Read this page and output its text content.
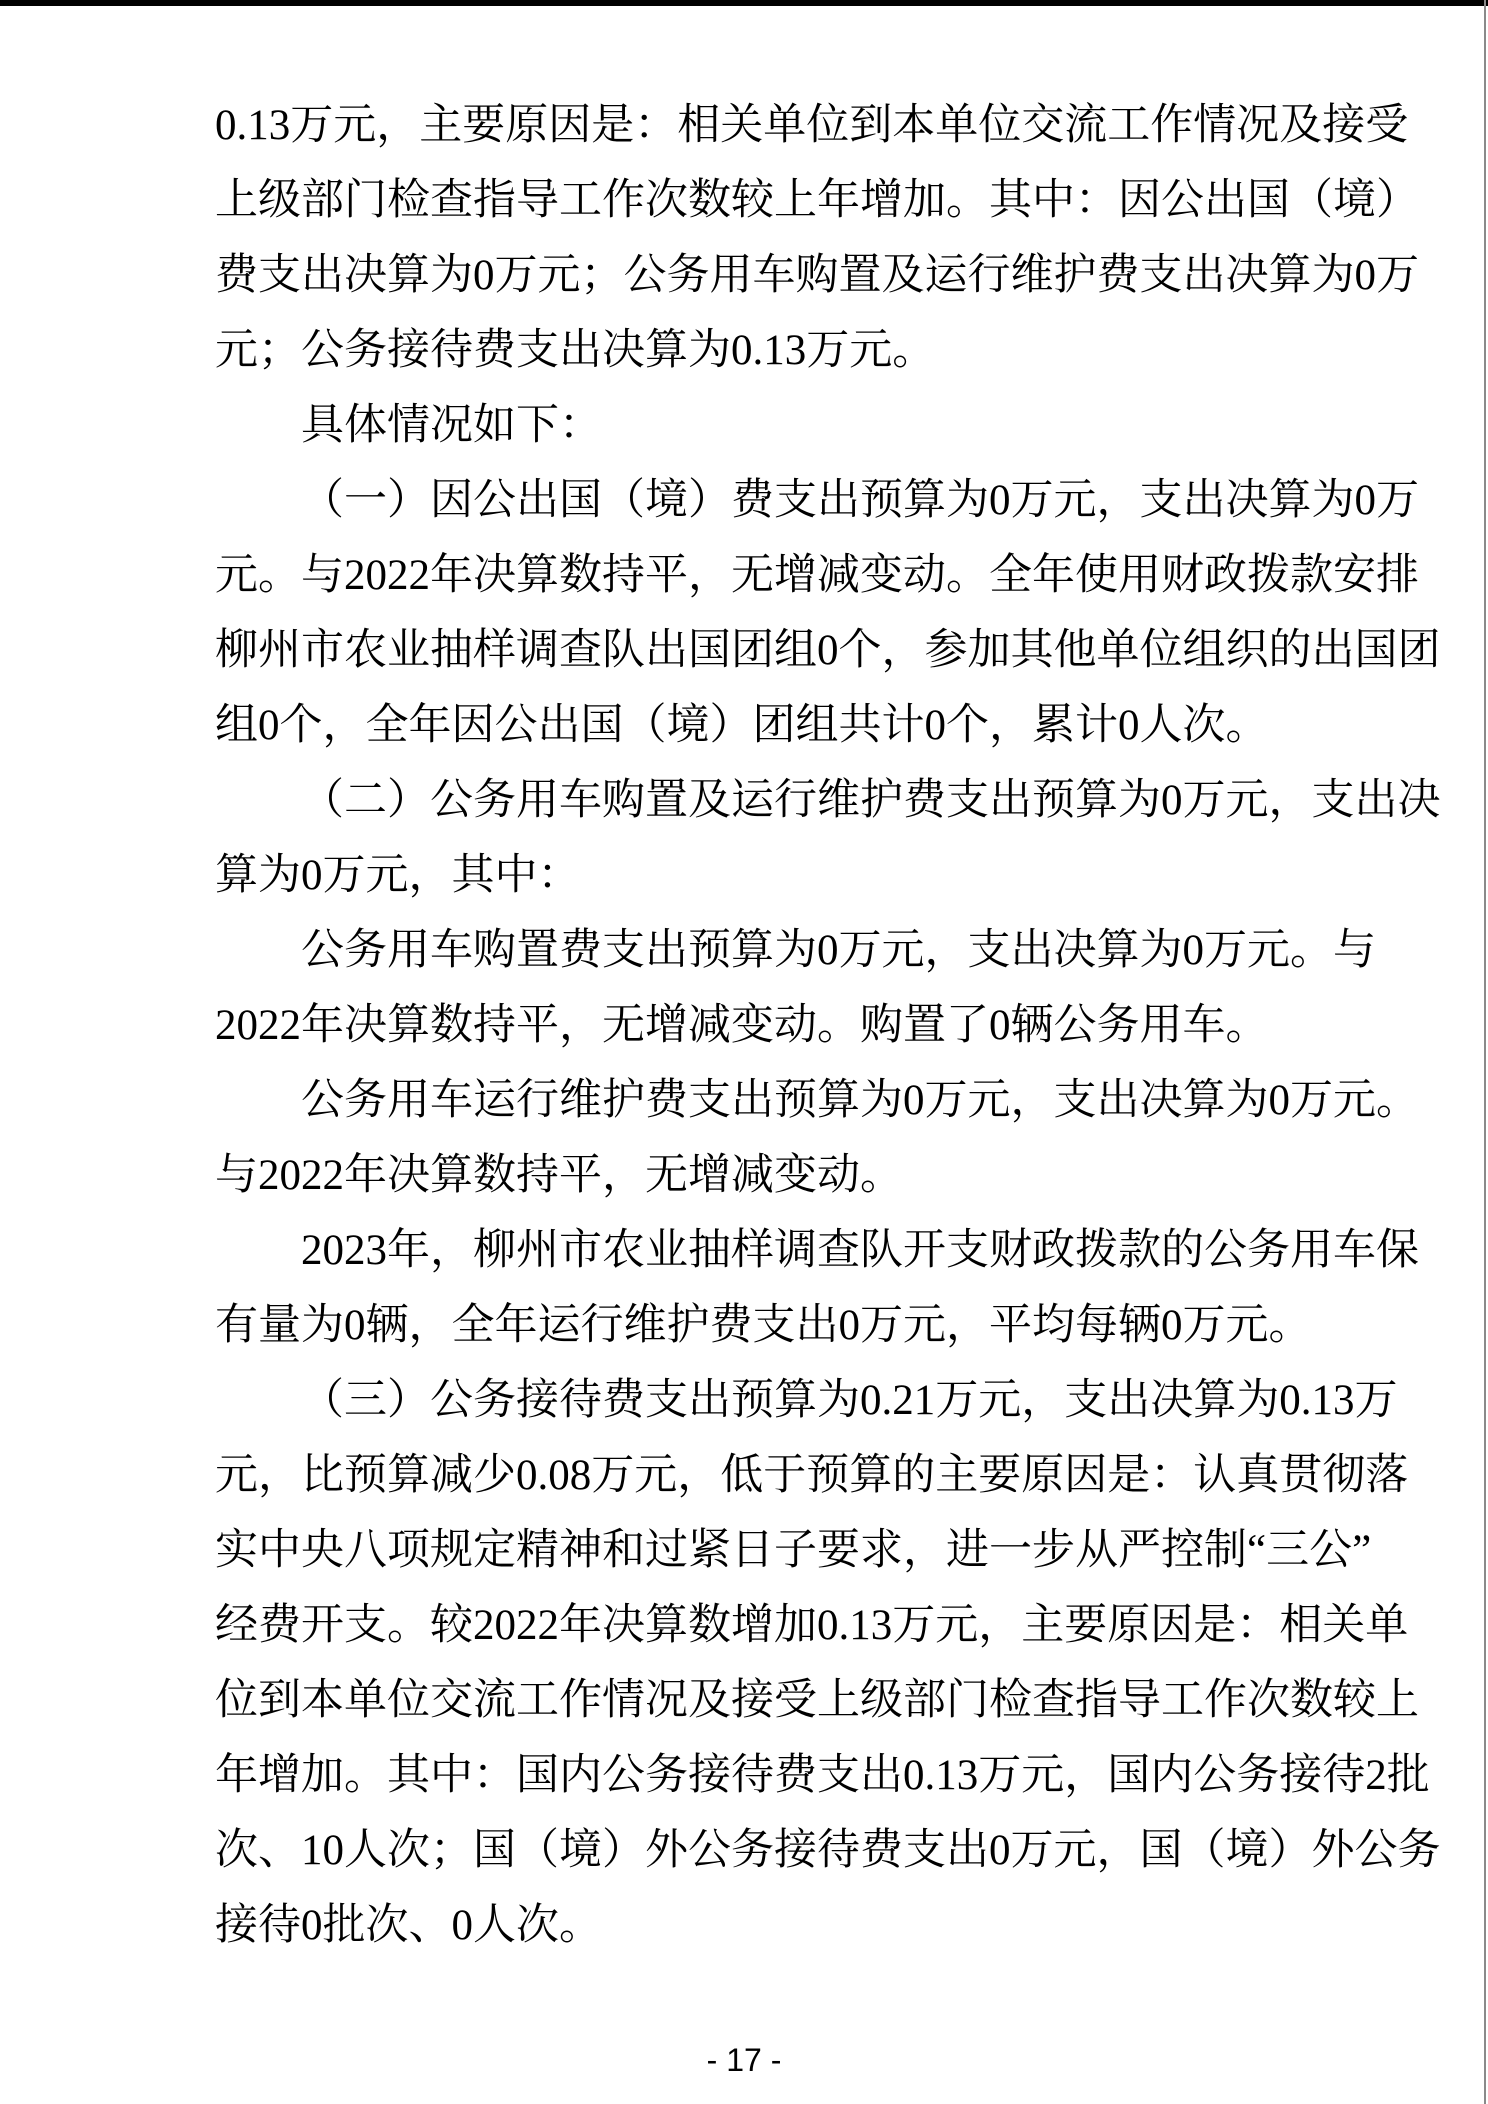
0.13万元，主要原因是：相关单位到本单位交流工作情况及接受
上级部门检查指导工作次数较上年增加。其中：因公出国（境）
费支出决算为0万元；公务用车购置及运行维护费支出决算为0万
元；公务接待费支出决算为0.13万元。
具体情况如下：
（一）因公出国（境）费支出预算为0万元，支出决算为0万
元。与2022年决算数持平，无增减变动。全年使用财政拨款安排
柳州市农业抽样调查队出国团组0个，参加其他单位组织的出国团
组0个，全年因公出国（境）团组共计0个，累计0人次。
（二）公务用车购置及运行维护费支出预算为0万元，支出决
算为0万元，其中：
公务用车购置费支出预算为0万元，支出决算为0万元。与
2022年决算数持平，无增减变动。购置了0辆公务用车。
公务用车运行维护费支出预算为0万元，支出决算为0万元。
与2022年决算数持平，无增减变动。
2023年，柳州市农业抽样调查队开支财政拨款的公务用车保
有量为0辆，全年运行维护费支出0万元，平均每辆0万元。
（三）公务接待费支出预算为0.21万元，支出决算为0.13万
元，比预算减少0.08万元，低于预算的主要原因是：认真贯彻落
实中央八项规定精神和过紧日子要求，进一步从严控制“三公”
经费开支。较2022年决算数增加0.13万元，主要原因是：相关单
位到本单位交流工作情况及接受上级部门检查指导工作次数较上
年增加。其中：国内公务接待费支出0.13万元，国内公务接待2批
次、10人次；国（境）外公务接待费支出0万元，国（境）外公务
接待0批次、0人次。
- 17 -
